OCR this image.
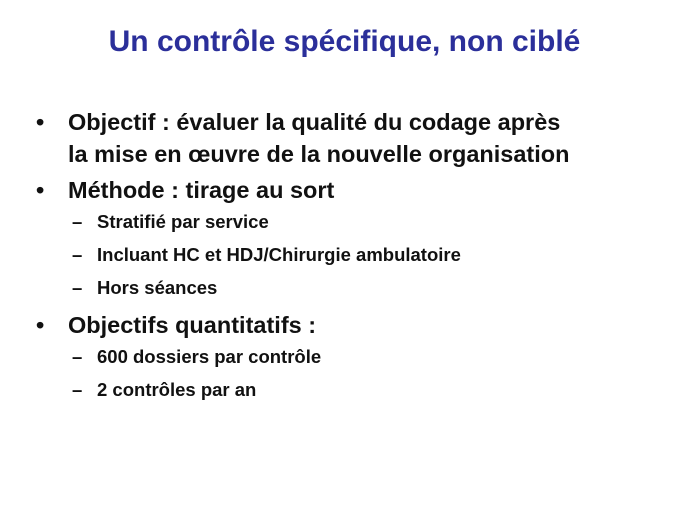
Un contrôle spécifique, non ciblé
•	Objectif : évaluer la qualité du codage après
la mise en œuvre de la nouvelle organisation
•	Méthode : tirage au sort
– Stratifié par service
– Incluant HC et HDJ/Chirurgie ambulatoire
– Hors séances
•	Objectifs quantitatifs :
– 600 dossiers par contrôle
– 2 contrôles par an
